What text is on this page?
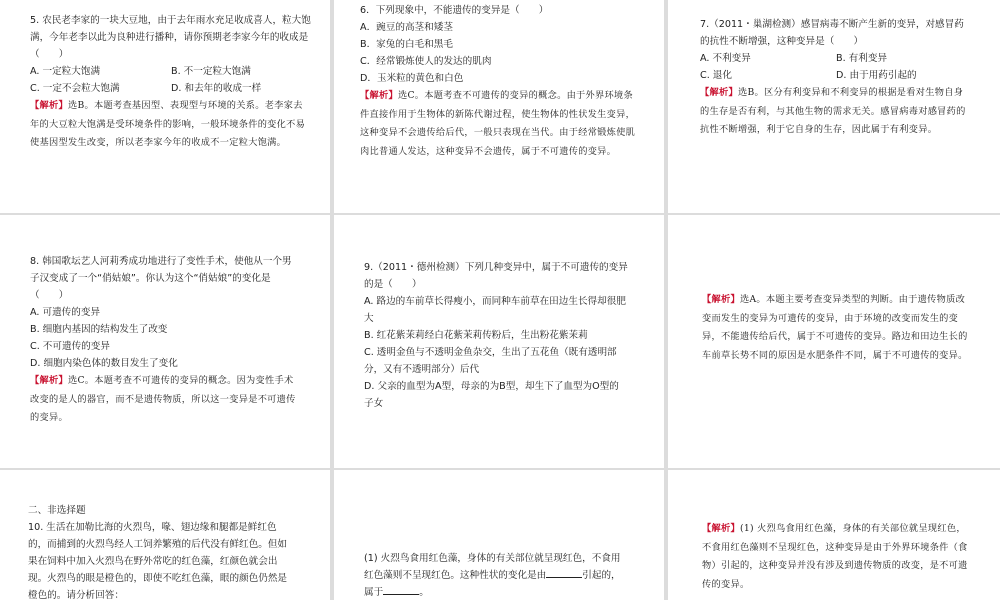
5. 农民老李家的一块大豆地，由于去年雨水充足收成喜人，粒大饱满，今年老李以此为良种进行播种，请你预期老李家今年的收成是（　　）

A. 一定粒大饱满	B. 不一定粒大饱满
C. 一定不会粒大饱满	D. 和去年的收成一样

【解析】选B。本题考查基因型、表现型与环境的关系。老李家去年的大豆粒大饱满是受环境条件的影响，一般环境条件的变化不易使基因型发生改变，所以老李家今年的收成不一定粒大饱满。

6．下列现象中，不能遗传的变异是（　　）

A．豌豆的高茎和矮茎
B．家兔的白毛和黑毛
C．经常锻炼使人的发达的肌肉
D．玉米粒的黄色和白色

【解析】选C。本题考查不可遗传的变异的概念。由于外界环境条件直接作用于生物体的新陈代谢过程，使生物体的性状发生变异，这种变异不会遗传给后代，一般只表现在当代。由于经常锻炼使肌肉比普通人发达，这种变异不会遗传，属于不可遗传的变异。

7.（2011・巢湖检测）感冒病毒不断产生新的变异，对感冒药的抗性不断增强，这种变异是（　　）

A. 不利变异	B. 有利变异
C. 退化	D. 由于用药引起的

【解析】选B。区分有利变异和不利变异的根据是看对生物自身的生存是否有利，与其他生物的需求无关。感冒病毒对感冒药的抗性不断增强，利于它自身的生存，因此属于有利变异。

8. 韩国歌坛艺人河莉秀成功地进行了变性手术，使他从一个男子汉变成了一个“俏姑娘”。你认为这个“俏姑娘”的变化是（　　）

A. 可遗传的变异
B. 细胞内基因的结构发生了改变
C. 不可遗传的变异
D. 细胞内染色体的数目发生了变化

【解析】选C。本题考查不可遗传的变异的概念。因为变性手术改变的是人的器官，而不是遗传物质，所以这一变异是不可遗传的变异。

9.（2011・德州检测）下列几种变异中，属于不可遗传的变异的是（　　）

A. 路边的车前草长得瘦小，而同种车前草在田边生长得却很肥大
B. 红花紫茉莉经白花紫茉莉传粉后，生出粉花紫茉莉
C. 透明金鱼与不透明金鱼杂交，生出了五花鱼（既有透明部分，又有不透明部分）后代
D. 父亲的血型为A型，母亲的为B型，却生下了血型为O型的子女

【解析】选A。本题主要考查变异类型的判断。由于遗传物质改变而发生的变异为可遗传的变异，由于环境的改变而发生的变异，不能遗传给后代，属于不可遗传的变异。路边和田边生长的车前草长势不同的原因是水肥条件不同，属于不可遗传的变异。

二、非选择题

10. 生活在加勒比海的火烈鸟，喙、翅边缘和腿都是鲜红色的，而捕到的火烈鸟经人工饲养繁殖的后代没有鲜红色。但如果在饲料中加入火烈鸟在野外常吃的红色藻，红颜色就会出现。火烈鸟的眼是橙色的，即使不吃红色藻，眼的颜色仍然是橙色的。请分析回答：

(1) 火烈鸟食用红色藻，身体的有关部位就呈现红色，不食用红色藻则不呈现红色。这种性状的变化是由	引起的，属于	。

【解析】(1) 火烈鸟食用红色藻，身体的有关部位就呈现红色，不食用红色藻则不呈现红色，这种变异是由于外界环境条件（食物）引起的，这种变异并没有涉及到遗传物质的改变，是不可遗传的变异。
